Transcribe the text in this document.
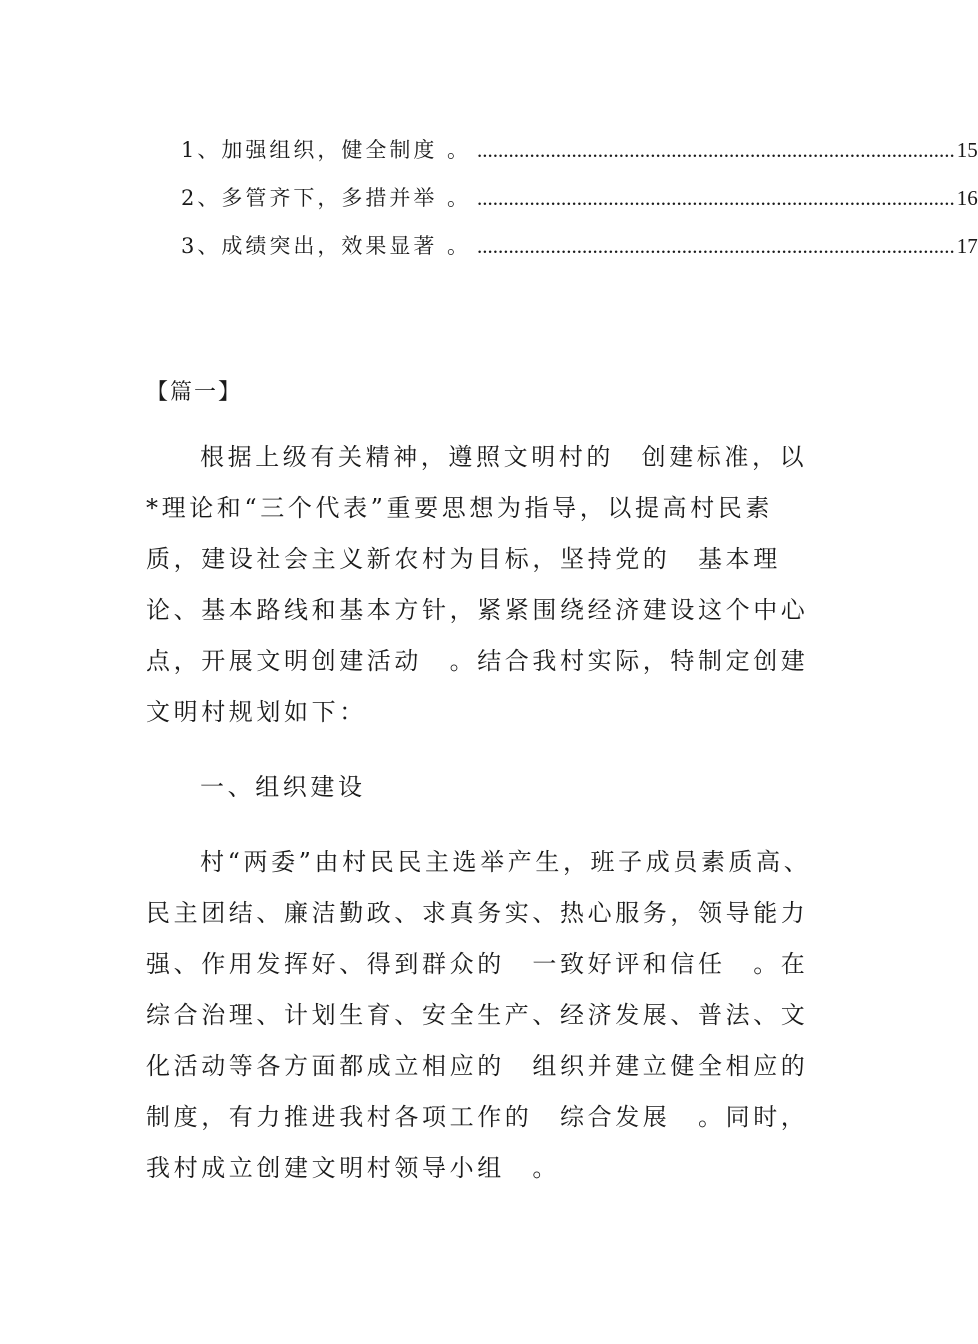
1、加强组织，健全制度 。 ........................................................................................... 15
2、多管齐下，多措并举 。 ........................................................................................... 16
3、成绩突出，效果显著 。 ........................................................................................... 17
【篇一】

根据上级有关精神，遵照文明村的　创建标准，以*理论和“三个代表”重要思想为指导，以提高村民素质，建设社会主义新农村为目标，坚持党的　基本理论、基本路线和基本方针，紧紧围绕经济建设这个中心点，开展文明创建活动　。结合我村实际，特制定创建文明村规划如下：

一、组织建设

村“两委”由村民民主选举产生，班子成员素质高、民主团结、廉洁勤政、求真务实、热心服务，领导能力强、作用发挥好、得到群众的　一致好评和信任　。在综合治理、计划生育、安全生产、经济发展、普法、文化活动等各方面都成立相应的　组织并建立健全相应的制度，有力推进我村各项工作的　综合发展　。同时，我村成立创建文明村领导小组　。
